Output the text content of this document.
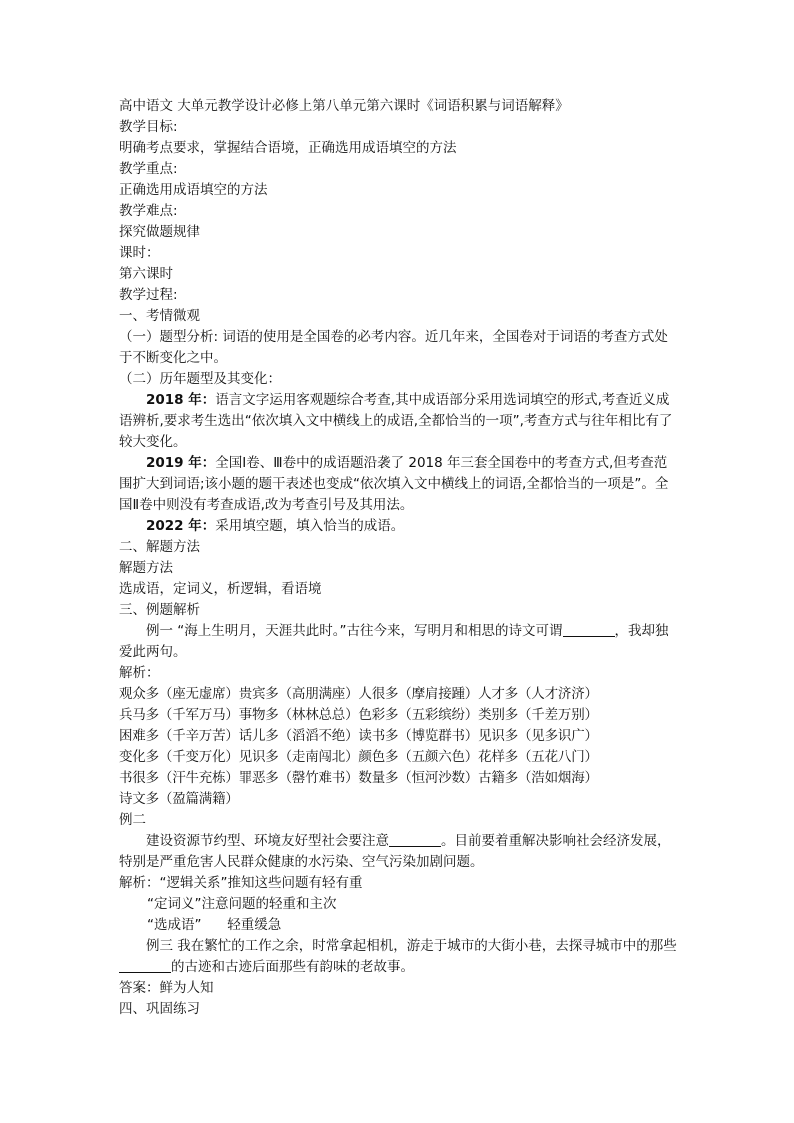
高中语文 大单元教学设计必修上第八单元第六课时《词语积累与词语解释》

教学目标:

明确考点要求，掌握结合语境，正确选用成语填空的方法

教学重点:

正确选用成语填空的方法

教学难点:

探究做题规律

课时：

第六课时

教学过程:

一、考情微观

（一）题型分析: 词语的使用是全国卷的必考内容。近几年来，全国卷对于词语的考查方式处于不断变化之中。

（二）历年题型及其变化：

2018 年：语言文字运用客观题综合考查,其中成语部分采用选词填空的形式,考查近义成语辨析,要求考生选出“依次填入文中横线上的成语,全都恰当的一项”,考查方式与往年相比有了较大变化。

2019 年：全国Ⅰ卷、Ⅲ卷中的成语题沿袭了 2018 年三套全国卷中的考查方式,但考查范围扩大到词语;该小题的题干表述也变成“依次填入文中横线上的词语,全都恰当的一项是”。全国Ⅱ卷中则没有考查成语,改为考查引号及其用法。

2022 年：采用填空题，填入恰当的成语。

二、解题方法

解题方法

选成语，定词义，析逻辑，看语境

三、例题解析

例一 “海上生明月，天涯共此时。”古往今来，写明月和相思的诗文可谓	，我却独爱此两句。

解析：

观众多（座无虚席）贵宾多（高朋满座）人很多（摩肩接踵）人才多（人才济济）

兵马多（千军万马）事物多（林林总总）色彩多（五彩缤纷）类别多（千差万别）

困难多（千辛万苦）话儿多（滔滔不绝）读书多（博览群书）见识多（见多识广）

变化多（千变万化）见识多（走南闯北）颜色多（五颜六色）花样多（五花八门）

书很多（汗牛充栋）罪恶多（罄竹难书）数量多（恒河沙数）古籍多（浩如烟海）

诗文多（盈篇满籍）

例二

建设资源节约型、环境友好型社会要注意	。目前要着重解决影响社会经济发展，特别是严重危害人民群众健康的水污染、空气污染加剧问题。

解析：“逻辑关系”推知这些问题有轻有重

“定词义”注意问题的轻重和主次

“选成语”      轻重缓急

例三 我在繁忙的工作之余，时常拿起相机，游走于城市的大街小巷，去探寻城市中的那些的古迹和古迹后面那些有韵味的老故事。

答案：鲜为人知

四、巩固练习
